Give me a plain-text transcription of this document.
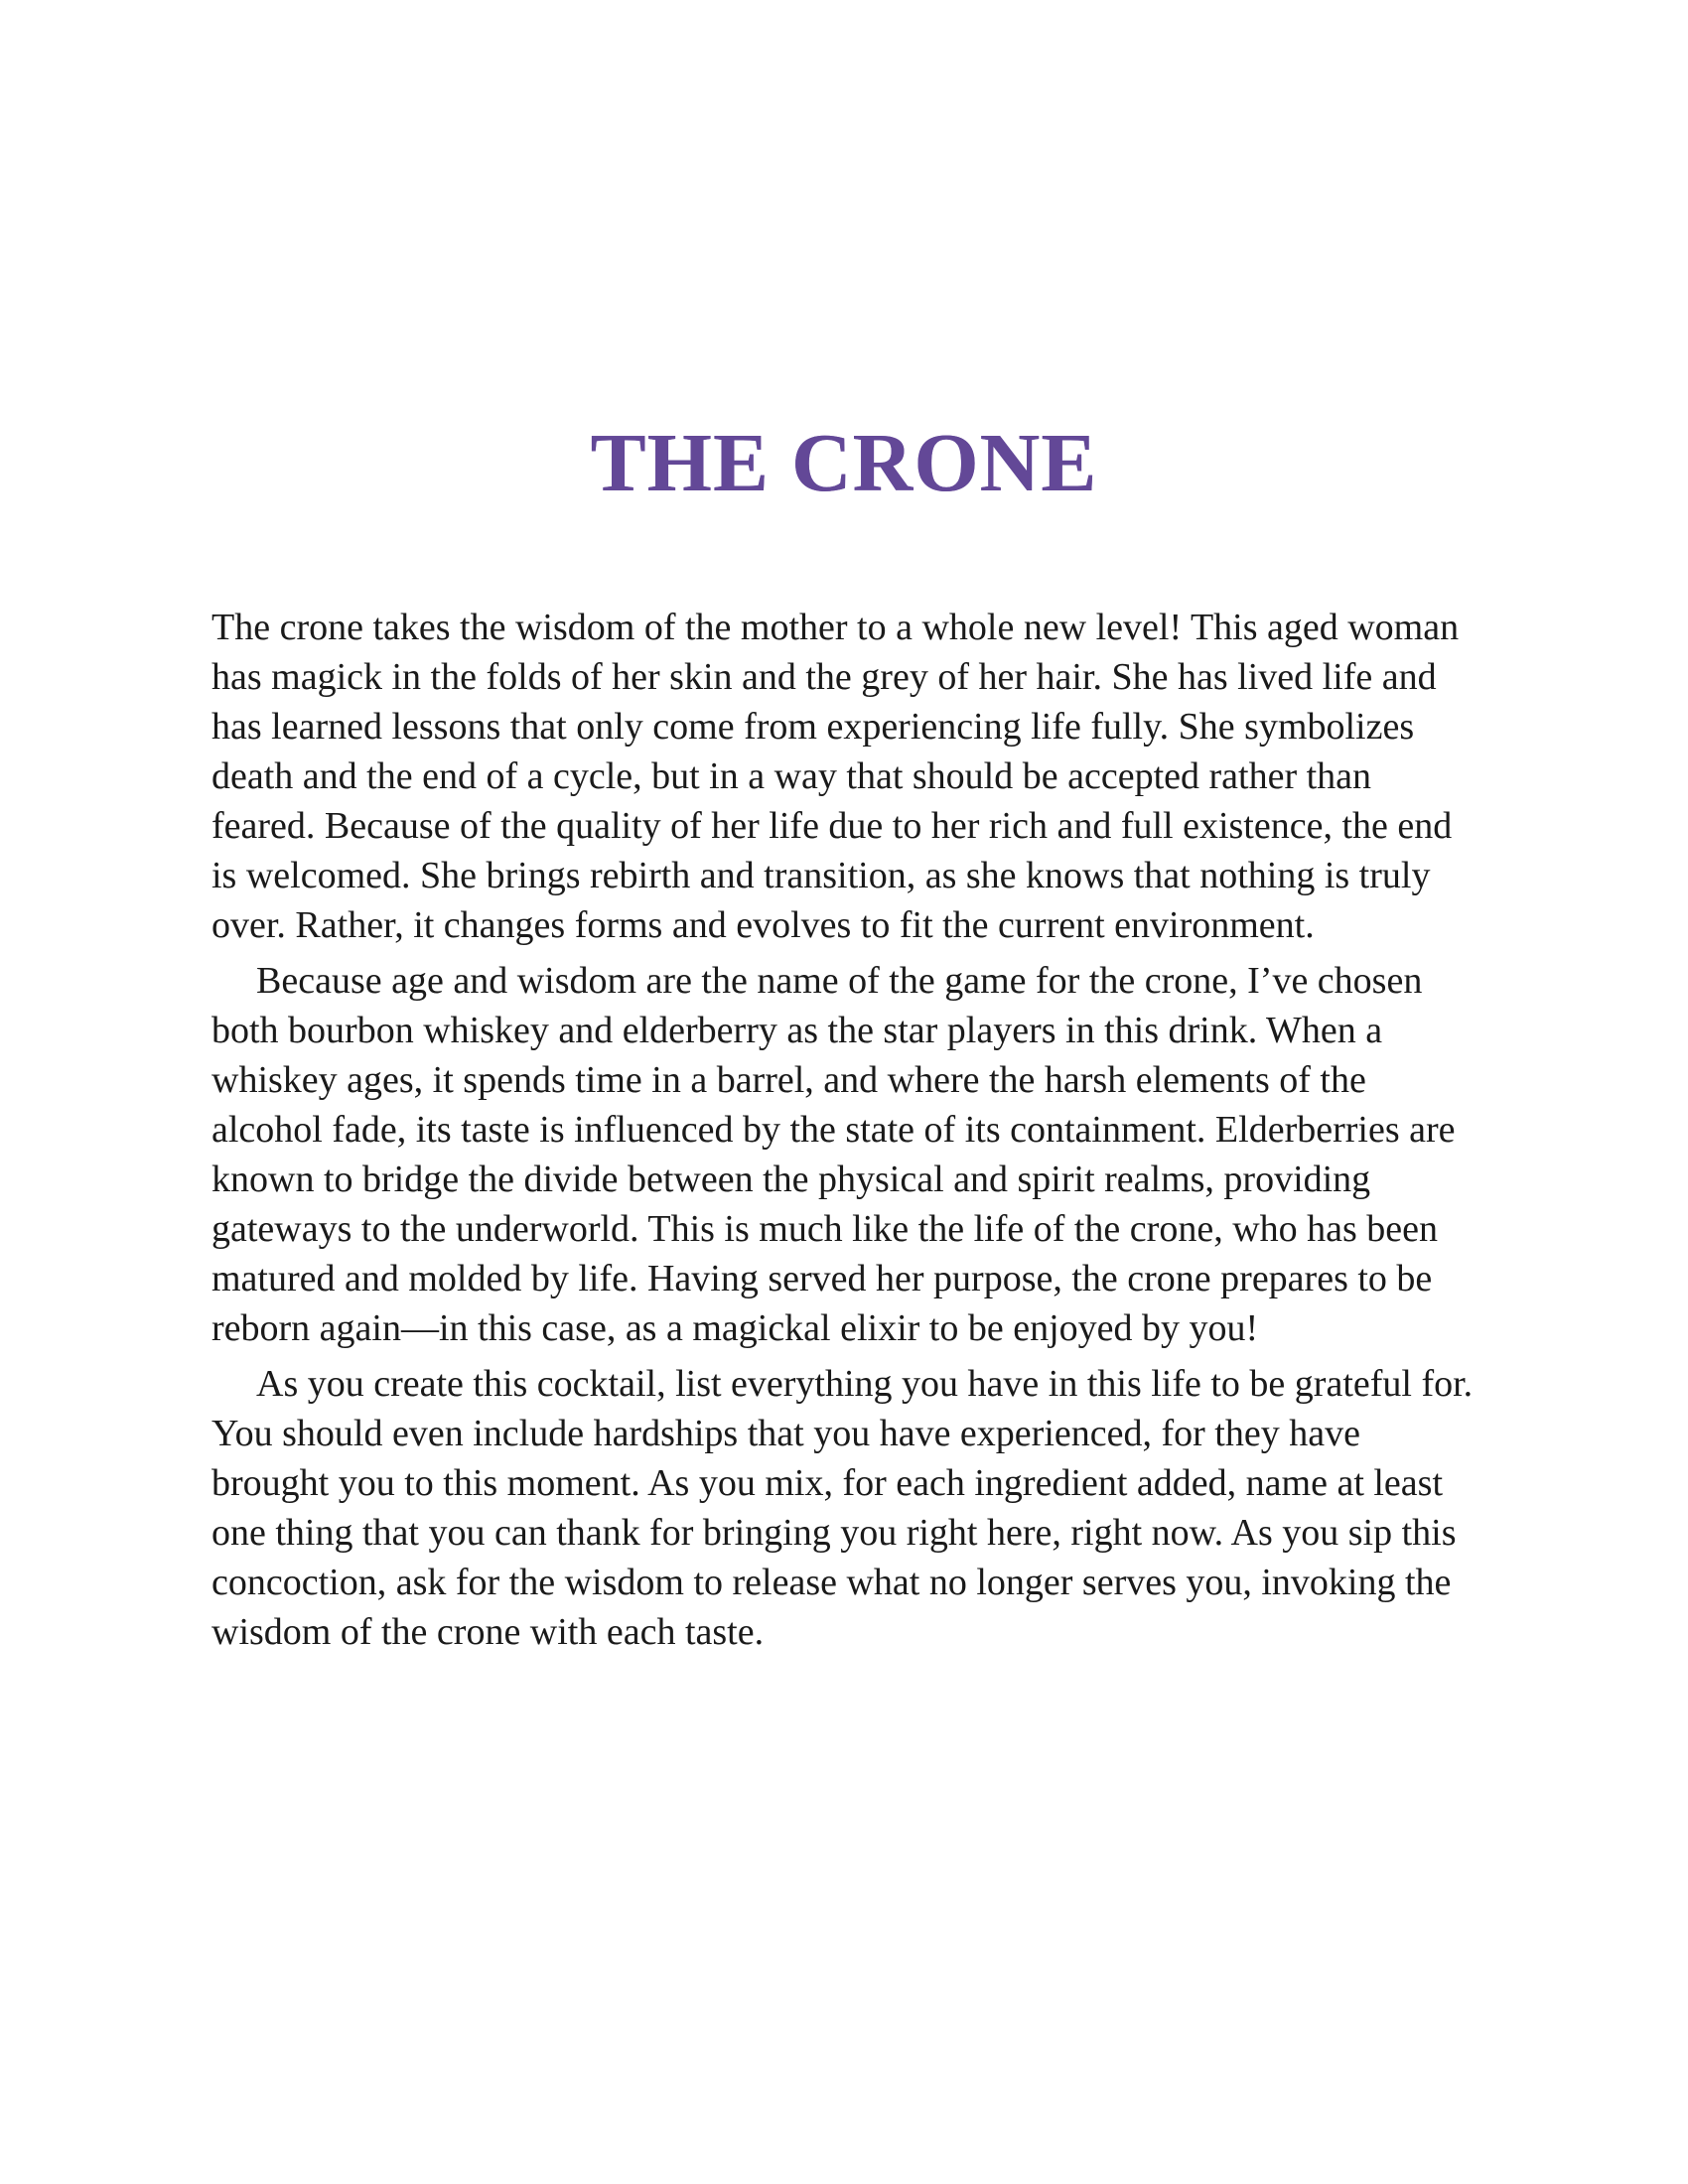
THE CRONE

The crone takes the wisdom of the mother to a whole new level! This aged woman has magick in the folds of her skin and the grey of her hair. She has lived life and has learned lessons that only come from experiencing life fully. She symbolizes death and the end of a cycle, but in a way that should be accepted rather than feared. Because of the quality of her life due to her rich and full existence, the end is welcomed. She brings rebirth and transition, as she knows that nothing is truly over. Rather, it changes forms and evolves to fit the current environment.

Because age and wisdom are the name of the game for the crone, I’ve chosen both bourbon whiskey and elderberry as the star players in this drink. When a whiskey ages, it spends time in a barrel, and where the harsh elements of the alcohol fade, its taste is influenced by the state of its containment. Elderberries are known to bridge the divide between the physical and spirit realms, providing gateways to the underworld. This is much like the life of the crone, who has been matured and molded by life. Having served her purpose, the crone prepares to be reborn again—in this case, as a magickal elixir to be enjoyed by you!

As you create this cocktail, list everything you have in this life to be grateful for. You should even include hardships that you have experienced, for they have brought you to this moment. As you mix, for each ingredient added, name at least one thing that you can thank for bringing you right here, right now. As you sip this concoction, ask for the wisdom to release what no longer serves you, invoking the wisdom of the crone with each taste.
